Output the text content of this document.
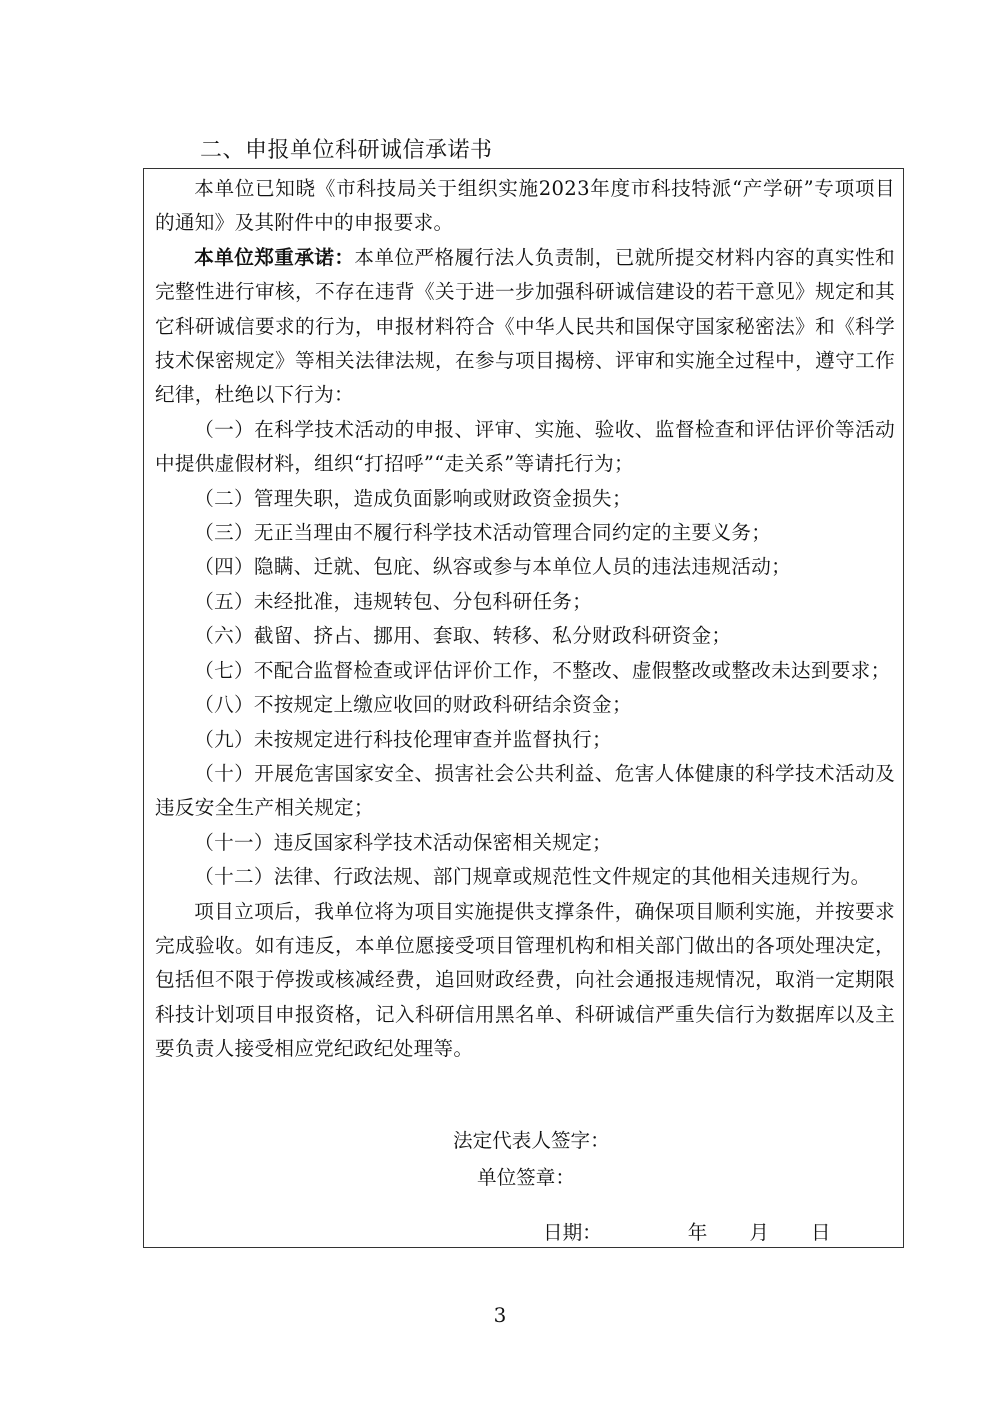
二、申报单位科研诚信承诺书

本单位已知晓《市科技局关于组织实施2023年度市科技特派“产学研”专项项目的通知》及其附件中的申报要求。

本单位郑重承诺：本单位严格履行法人负责制，已就所提交材料内容的真实性和完整性进行审核，不存在违背《关于进一步加强科研诚信建设的若干意见》规定和其它科研诚信要求的行为，申报材料符合《中华人民共和国保守国家秘密法》和《科学技术保密规定》等相关法律法规，在参与项目揭榜、评审和实施全过程中，遵守工作纪律，杜绝以下行为：

（一）在科学技术活动的申报、评审、实施、验收、监督检查和评估评价等活动中提供虚假材料，组织“打招呼”“走关系”等请托行为；

（二）管理失职，造成负面影响或财政资金损失；

（三）无正当理由不履行科学技术活动管理合同约定的主要义务；

（四）隐瞒、迁就、包庇、纵容或参与本单位人员的违法违规活动；

（五）未经批准，违规转包、分包科研任务；

（六）截留、挤占、挪用、套取、转移、私分财政科研资金；

（七）不配合监督检查或评估评价工作，不整改、虚假整改或整改未达到要求；

（八）不按规定上缴应收回的财政科研结余资金；

（九）未按规定进行科技伦理审查并监督执行；

（十）开展危害国家安全、损害社会公共利益、危害人体健康的科学技术活动及违反安全生产相关规定；

（十一）违反国家科学技术活动保密相关规定；

（十二）法律、行政法规、部门规章或规范性文件规定的其他相关违规行为。

项目立项后，我单位将为项目实施提供支撑条件，确保项目顺利实施，并按要求完成验收。如有违反，本单位愿接受项目管理机构和相关部门做出的各项处理决定，包括但不限于停拨或核减经费，追回财政经费，向社会通报违规情况，取消一定期限科技计划项目申报资格，记入科研信用黑名单、科研诚信严重失信行为数据库以及主要负责人接受相应党纪政纪处理等。

法定代表人签字：
单位签章：
日期：	年 月 日
3
